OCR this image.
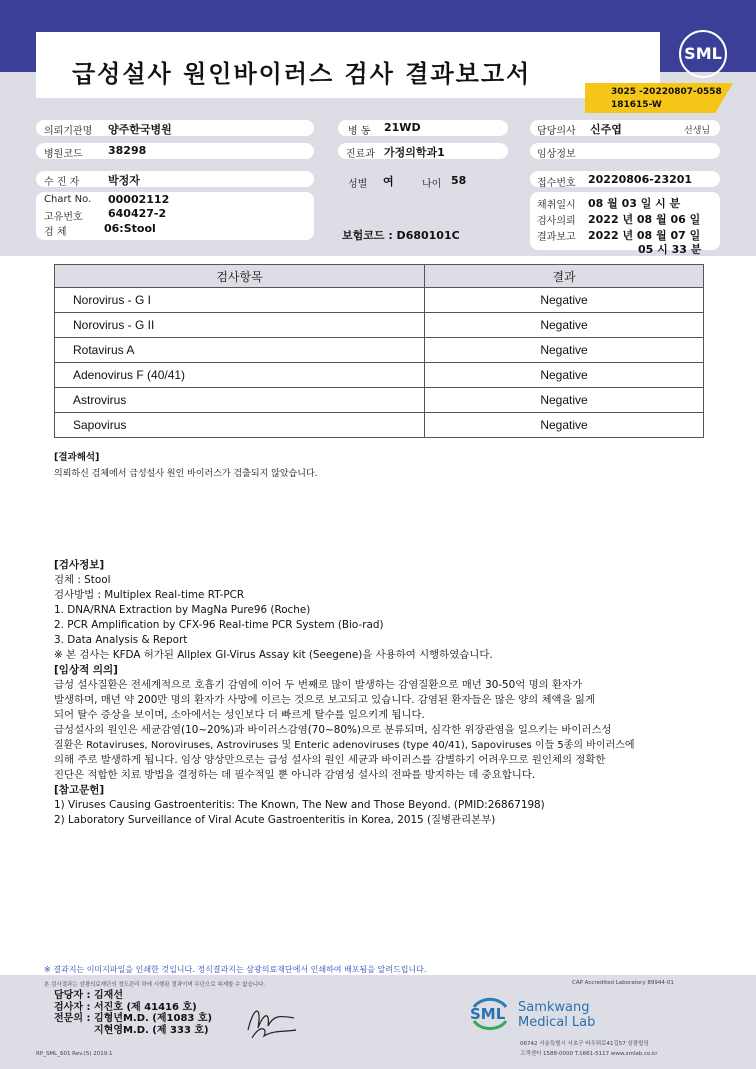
급성설사 원인바이러스 검사 결과보고서
SML
3025 -20220807-0558
181615-W
의뢰기관명 양주한국병원	병 동 21WD	담당의사 신주엽	선생님
병원코드 38298	진료과 가정의학과1	임상정보
수 진 자	박정자	성별 여	나이 58	접수번호 20220806-23201
Chart No. 00002112
고유번호 640427-2
검 체	06:Stool
보험코드 : D680101C
채취일시 08 월 03 일 시 분
검사의뢰 2022 년 08 월 06 일
결과보고 2022 년 08 월 07 일
05 시 33 분
검사항목	결과
Norovirus - G I	Negative
Norovirus - G II	Negative
Rotavirus A	Negative
Adenovirus F (40/41)	Negative
Astrovirus	Negative
Sapovirus	Negative
[결과해석]
의뢰하신 검체에서 급성설사 원인 바이러스가 검출되지 않았습니다.
[검사정보]
검체 : Stool
검사방법 : Multiplex Real-time RT-PCR
1. DNA/RNA Extraction by MagNa Pure96 (Roche)
2. PCR Amplification by CFX-96 Real-time PCR System (Bio-rad)
3. Data Analysis & Report
※ 본 검사는 KFDA 허가된 Allplex GI-Virus Assay kit (Seegene)을 사용하여 시행하였습니다.
[임상적 의의]
급성 설사질환은 전세계적으로 호흡기 감염에 이어 두 번째로 많이 발생하는 감염질환으로 매년 30-50억 명의 환자가
발생하며, 매년 약 200만 명의 환자가 사망에 이르는 것으로 보고되고 있습니다. 감염된 환자들은 많은 양의 체액을 잃게
되어 탈수 증상을 보이며, 소아에서는 성인보다 더 빠르게 탈수를 일으키게 됩니다.
급성설사의 원인은 세균감염(10~20%)과 바이러스감염(70~80%)으로 분류되며, 심각한 위장관염을 일으키는 바이러스성
질환은 Rotaviruses, Noroviruses, Astroviruses 및 Enteric adenoviruses (type 40/41), Sapoviruses 이들 5종의 바이러스에
의해 주로 발생하게 됩니다. 임상 양상만으로는 급성 설사의 원인 세균과 바이러스를 감별하기 어려우므로 원인체의 정확한
진단은 적합한 치료 방법을 결정하는 데 필수적일 뿐 아니라 감염성 설사의 전파를 방지하는 데 중요합니다.
[참고문헌]
1) Viruses Causing Gastroenteritis: The Known, The New and Those Beyond. (PMID:26867198)
2) Laboratory Surveillance of Viral Acute Gastroenteritis in Korea, 2015 (질병관리본부)
※ 결과지는 이미지파일을 인쇄한 것입니다. 정식결과지는 삼광의료재단에서 인쇄하여 배포됨을 알려드립니다.
본 검사결과는 삼광의료재단의 정도관리 하에 시행된 결과이며 무단으로 복제할 수 없습니다.	CAP Accredited Laboratory 89944-01
담당자 : 김재선
검사자 : 서진호 (제 41416 호)
전문의 : 김형년M.D. (제1083 호)
지현영M.D. (제 333 호)
RP_SML_601 Rev.(5) 2019.1
SML Samkwang
Medical Lab
06742 서울특별시 서초구 바우뫼로41길57 삼광빌딩
고객센터 1588-0000 T.1661-5117 www.smlab.co.kr
